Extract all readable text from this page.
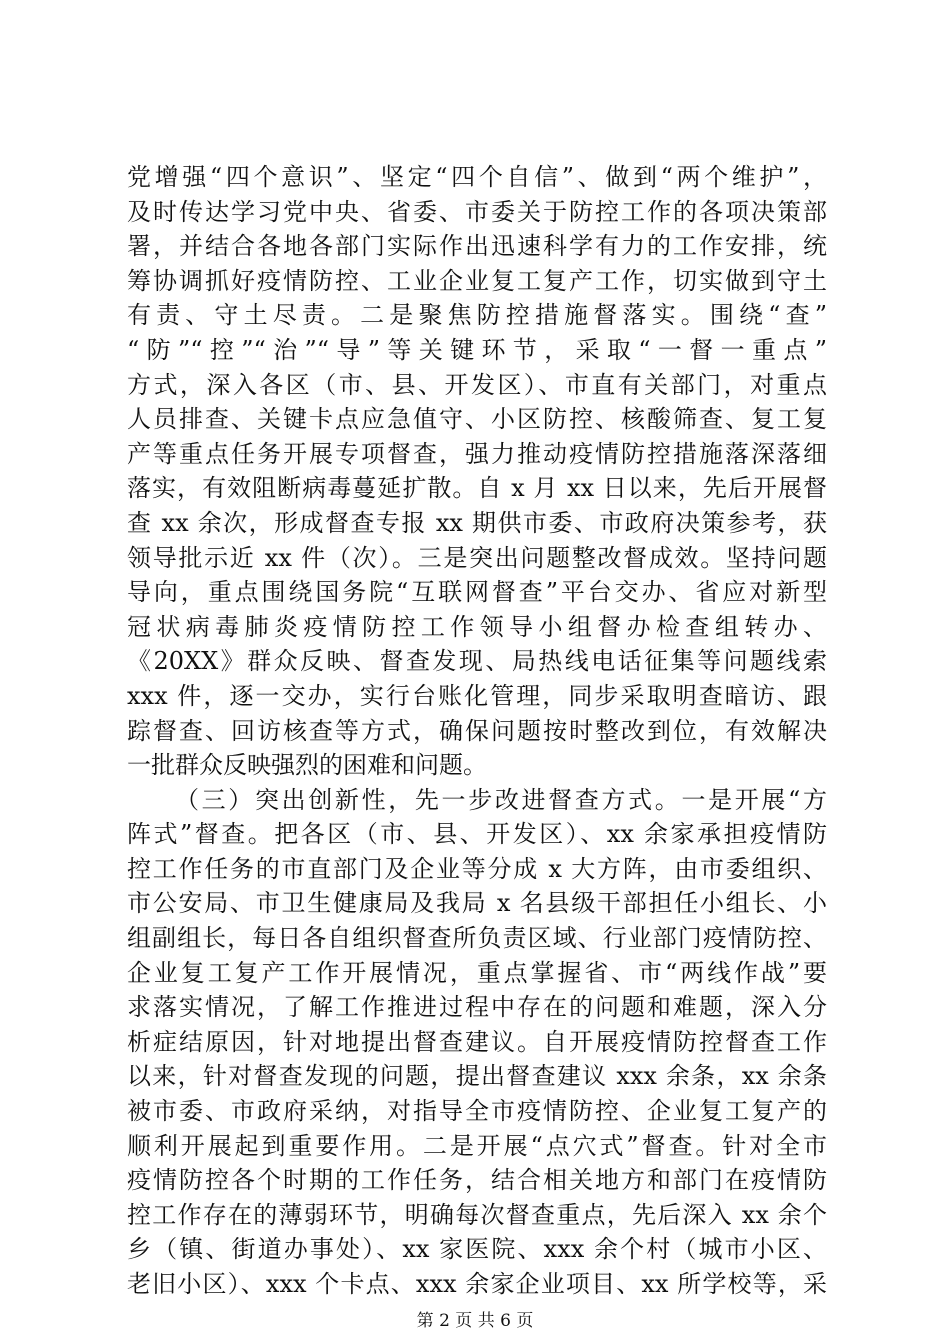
党增强“四个意识”、坚定“四个自信”、做到“两个维护”，
及时传达学习党中央、省委、市委关于防控工作的各项决策部
署，并结合各地各部门实际作出迅速科学有力的工作安排，统
筹协调抓好疫情防控、工业企业复工复产工作，切实做到守土
有责、守土尽责。二是聚焦防控措施督落实。围绕“查”
“防”“控”“治”“导”等关键环节，采取“一督一重点”
方式，深入各区（市、县、开发区）、市直有关部门，对重点
人员排查、关键卡点应急值守、小区防控、核酸筛查、复工复
产等重点任务开展专项督查，强力推动疫情防控措施落深落细
落实，有效阻断病毒蔓延扩散。自 x 月 xx 日以来，先后开展督
查 xx 余次，形成督查专报 xx 期供市委、市政府决策参考，获
领导批示近 xx 件（次）。三是突出问题整改督成效。坚持问题
导向，重点围绕国务院“互联网督查”平台交办、省应对新型
冠状病毒肺炎疫情防控工作领导小组督办检查组转办、
《20XX》群众反映、督查发现、局热线电话征集等问题线索
xxx 件，逐一交办，实行台账化管理，同步采取明查暗访、跟
踪督查、回访核查等方式，确保问题按时整改到位，有效解决
一批群众反映强烈的困难和问题。
（三）突出创新性，先一步改进督查方式。一是开展“方
阵式”督查。把各区（市、县、开发区）、xx 余家承担疫情防
控工作任务的市直部门及企业等分成 x 大方阵，由市委组织、
市公安局、市卫生健康局及我局 x 名县级干部担任小组长、小
组副组长，每日各自组织督查所负责区域、行业部门疫情防控、
企业复工复产工作开展情况，重点掌握省、市“两线作战”要
求落实情况，了解工作推进过程中存在的问题和难题，深入分
析症结原因，针对地提出督查建议。自开展疫情防控督查工作
以来，针对督查发现的问题，提出督查建议 xxx 余条，xx 余条
被市委、市政府采纳，对指导全市疫情防控、企业复工复产的
顺利开展起到重要作用。二是开展“点穴式”督查。针对全市
疫情防控各个时期的工作任务，结合相关地方和部门在疫情防
控工作存在的薄弱环节，明确每次督查重点，先后深入 xx 余个
乡（镇、街道办事处）、xx 家医院、xxx 余个村（城市小区、
老旧小区）、xxx 个卡点、xxx 余家企业项目、xx 所学校等，采
第 2 页 共 6 页
